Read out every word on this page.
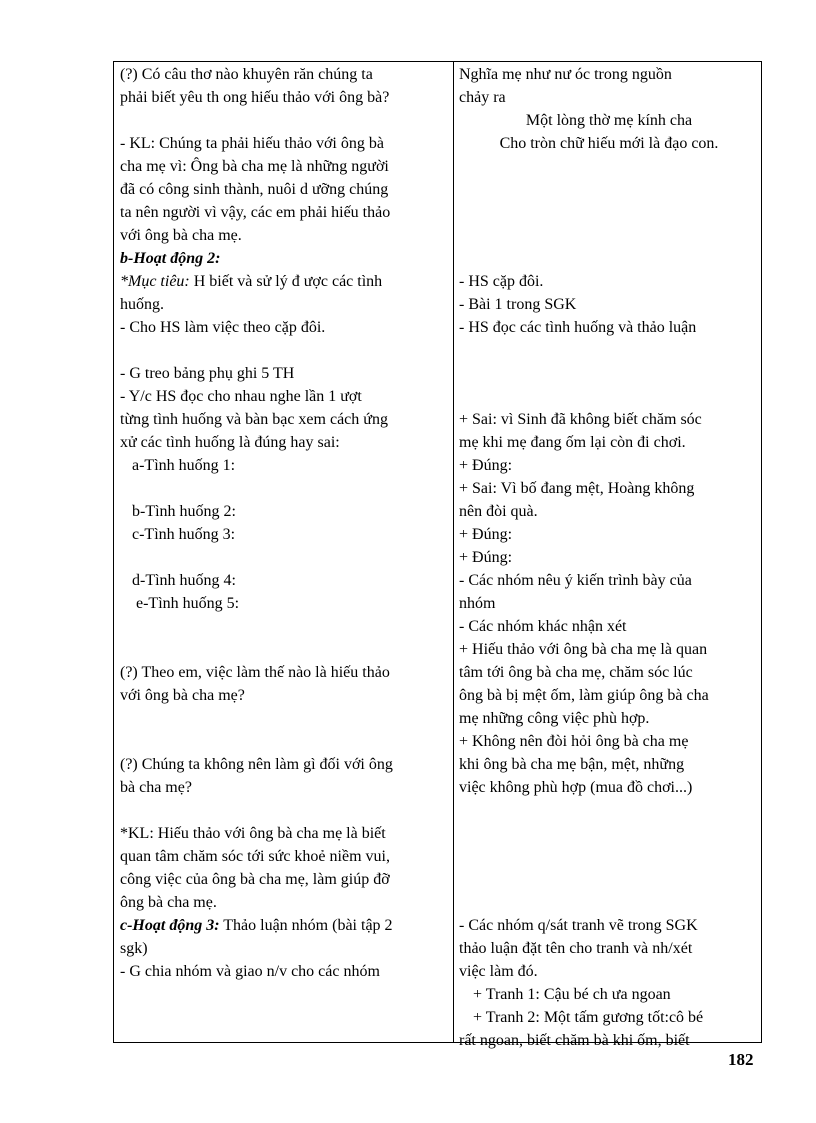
(?) Có câu thơ nào khuyên răn chúng ta
phải biết yêu th ong hiếu thảo với ông bà?
- KL: Chúng ta phải hiếu thảo với ông bà
cha mẹ vì: Ông bà cha mẹ là những người
đã có công sinh thành, nuôi d ưỡng chúng
ta nên người vì vậy, các em phải hiếu thảo
với ông bà cha mẹ.
b-Hoạt động 2:
*Mục tiêu: H biết và sử lý đ ược các tình
huống.
- Cho HS làm việc theo cặp đôi.
- G treo bảng phụ ghi 5 TH
- Y/c HS đọc cho nhau nghe lần 1 ượt
từng tình huống và bàn bạc xem cách ứng
xử các tình huống là đúng hay sai:
a-Tình huống 1:
b-Tình huống 2:
c-Tình huống 3:
d-Tình huống 4:
e-Tình huống 5:
(?) Theo em, việc làm thế nào là hiếu thảo
với ông bà cha mẹ?
(?) Chúng ta không nên làm gì đối với ông
bà cha mẹ?
*KL: Hiếu thảo với ông bà cha mẹ là biết
quan tâm chăm sóc tới sức khoẻ niềm vui,
công việc của ông bà cha mẹ, làm giúp đỡ
ông bà cha mẹ.
c-Hoạt động 3: Thảo luận nhóm (bài tập 2
sgk)
- G chia nhóm và giao n/v cho các nhóm
Nghĩa mẹ như nư óc trong nguồn
chảy ra
Một lòng thờ mẹ kính cha
Cho tròn chữ hiếu mới là đạo con.
- HS cặp đôi.
- Bài 1 trong SGK
- HS đọc các tình huống và thảo luận
+ Sai: vì Sinh đã không biết chăm sóc
mẹ khi mẹ đang ốm lại còn đi chơi.
+ Đúng:
+ Sai: Vì bố đang mệt, Hoàng không
nên đòi quà.
+ Đúng:
+ Đúng:
- Các nhóm nêu ý kiến trình bày của
nhóm
- Các nhóm khác nhận xét
+ Hiếu thảo với ông bà cha mẹ là quan
tâm tới ông bà cha mẹ, chăm sóc lúc
ông bà bị mệt ốm, làm giúp ông bà cha
mẹ những công việc phù hợp.
+ Không nên đòi hỏi ông bà cha mẹ
khi ông bà cha mẹ bận, mệt, những
việc không phù hợp (mua đồ chơi...)
- Các nhóm q/sát tranh vẽ trong SGK
thảo luận đặt tên cho tranh và nh/xét
việc làm đó.
+ Tranh 1: Cậu bé ch ưa ngoan
+ Tranh 2: Một tấm gương tốt:cô bé
rất ngoan, biết chăm bà khi ốm, biết
182
